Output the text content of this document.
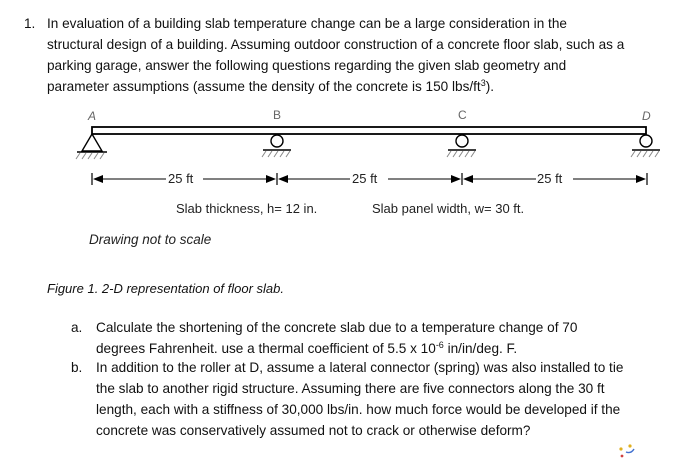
1. In evaluation of a building slab temperature change can be a large consideration in the
structural design of a building. Assuming outdoor construction of a concrete floor slab, such as a
parking garage, answer the following questions regarding the given slab geometry and
parameter assumptions (assume the density of the concrete is 150 lbs/$ft^3$).
A	B	C	D
25 ft	25 ft	25 ft
Slab thickness, h= 12 in.	Slab panel width, w= 30 ft.
Drawing not to scale
Figure 1. 2-D representation of floor slab.
a. Calculate the shortening of the concrete slab due to a temperature change of 70
degrees Fahrenheit. use a thermal coefficient of 5.5 x $10^{-6}$ in/in/deg. F.
b. In addition to the roller at D, assume a lateral connector (spring) was also installed to tie
the slab to another rigid structure. Assuming there are five connectors along the 30 ft
length, each with a stiffness of 30,000 lbs/in. how much force would be developed if the
concrete was conservatively assumed not to crack or otherwise deform?
